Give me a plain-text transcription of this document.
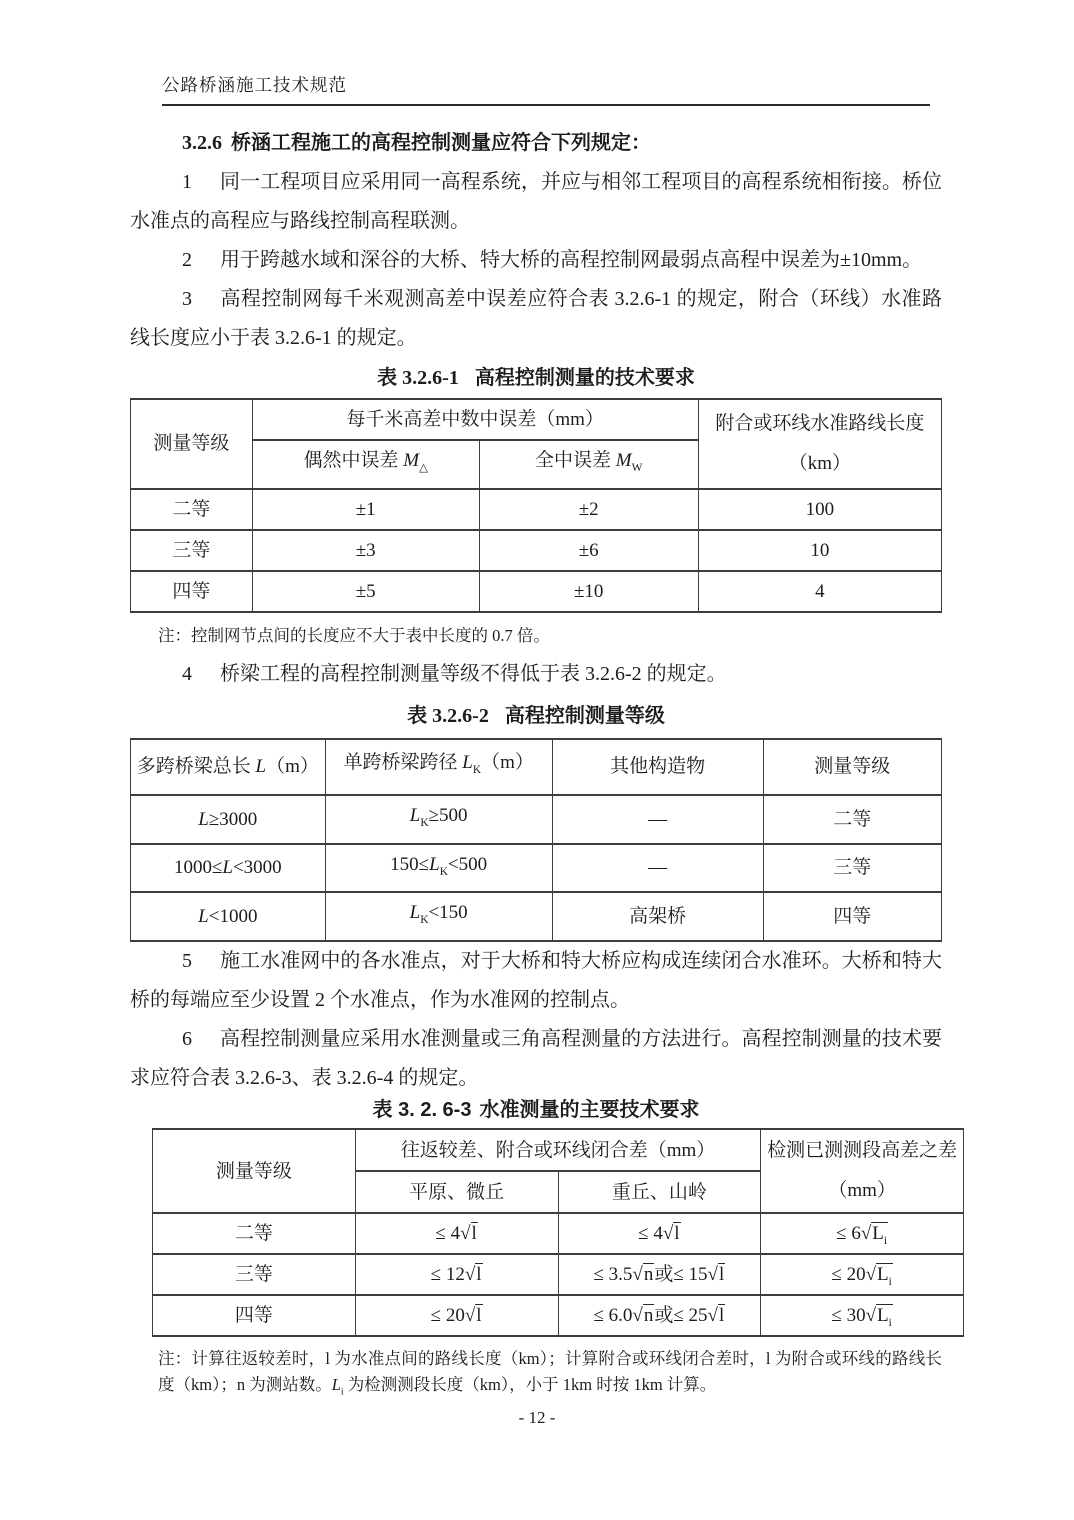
公路桥涵施工技术规范

3.2.6 桥涵工程施工的高程控制测量应符合下列规定：

1 同一工程项目应采用同一高程系统，并应与相邻工程项目的高程系统相衔接。桥位水准点的高程应与路线控制高程联测。

2 用于跨越水域和深谷的大桥、特大桥的高程控制网最弱点高程中误差为±10mm。

3 高程控制网每千米观测高差中误差应符合表 3.2.6-1 的规定，附合（环线）水准路线长度应小于表 3.2.6-1 的规定。

表 3.2.6-1 高程控制测量的技术要求
测量等级	每千米高差中数中误差（mm）		附合或环线水准路线长度
（km）

	偶然中误差 $M_\triangle$	全中误差 $M_W$
二等	±1	±2	100
三等	±3	±6	10
四等	±5	±10	4
注：控制网节点间的长度应不大于表中长度的 0.7 倍。

4 桥梁工程的高程控制测量等级不得低于表 3.2.6-2 的规定。

表 3.2.6-2 高程控制测量等级
多跨桥梁总长 L（m）	单跨桥梁跨径 $L_K(m)$	其他构造物	测量等级
L≥3000	$L_K\ge 500$	—	二等
1000≤L<3000	$150\le L_K<500$	—	三等
L<1000	$L_K<150$	高架桥	四等

5 施工水准网中的各水准点，对于大桥和特大桥应构成连续闭合水准环。大桥和特大桥的每端应至少设置 2 个水准点，作为水准网的控制点。

6 高程控制测量应采用水准测量或三角高程测量的方法进行。高程控制测量的技术要求应符合表 3.2.6-3、表 3.2.6-4 的规定。

表 3. 2. 6-3 水准测量的主要技术要求
测量等级	往返较差、附合或环线闭合差（mm）		检测已测测段高差之差
（mm）

	平原、微丘	重丘、山岭	
二等	≤ 4√l	≤ 4√l	≤ $6√L_i$
三等	≤ 12√l	≤ 3.5√n或≤ 15√l	≤ $20√L_i$
四等	≤ 20√l	≤ 6.0√n或≤ 25√l	≤ $30√L_i$
注：计算往返较差时，l 为水准点间的路线长度（km）；计算附合或环线闭合差时，l 为附合或环线的路线长 度（km）；n 为测站数。$L_i$ 为检测测段长度（km），小于 1km 时按 1km 计算。
- 12 -
